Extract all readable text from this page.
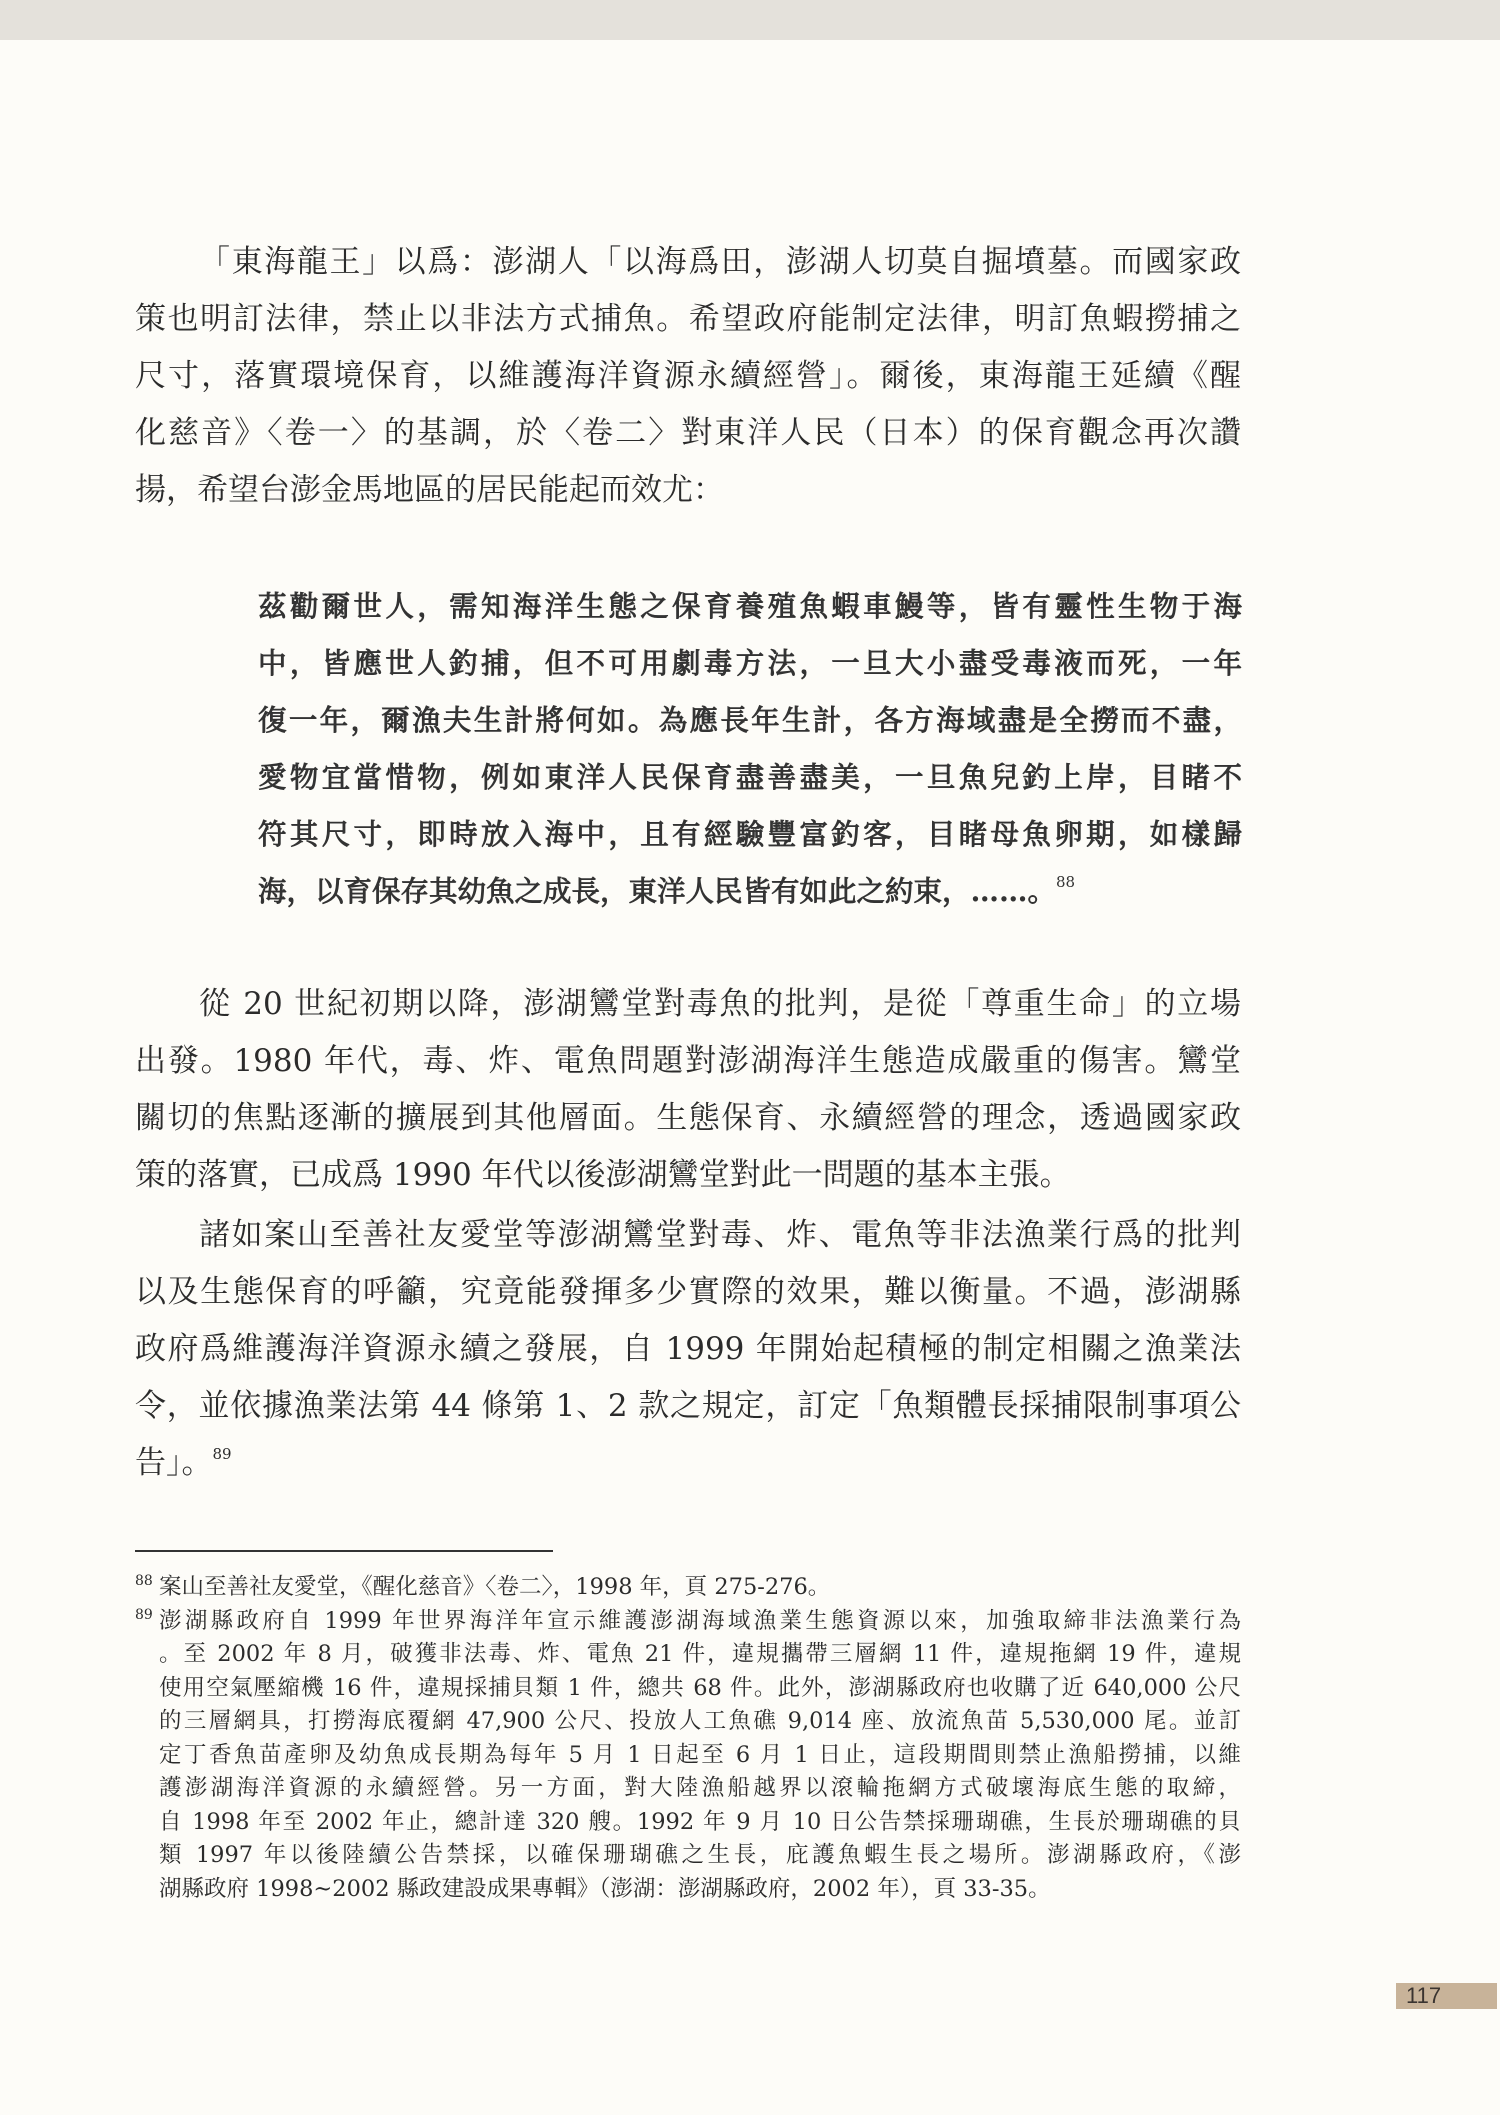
「東海龍王」以爲：澎湖人「以海爲田，澎湖人切莫自掘墳墓。而國家政
策也明訂法律，禁止以非法方式捕魚。希望政府能制定法律，明訂魚蝦撈捕之
尺寸，落實環境保育，以維護海洋資源永續經營」。爾後，東海龍王延續《醒
化慈音》〈卷一〉的基調，於〈卷二〉對東洋人民（日本）的保育觀念再次讚
揚，希望台澎金馬地區的居民能起而效尤：
茲勸爾世人，需知海洋生態之保育養殖魚蝦車鰻等，皆有靈性生物于海
中，皆應世人釣捕，但不可用劇毒方法，一旦大小盡受毒液而死，一年
復一年，爾漁夫生計將何如。為應長年生計，各方海域盡是全撈而不盡，
愛物宜當惜物，例如東洋人民保育盡善盡美，一旦魚兒釣上岸，目睹不
符其尺寸，即時放入海中，且有經驗豐富釣客，目睹母魚卵期，如樣歸
海，以育保存其幼魚之成長，東洋人民皆有如此之約束，……。$^{88}$
從 20 世紀初期以降，澎湖鸞堂對毒魚的批判，是從「尊重生命」的立場
出發。1980 年代，毒、炸、電魚問題對澎湖海洋生態造成嚴重的傷害。鸞堂
關切的焦點逐漸的擴展到其他層面。生態保育、永續經營的理念，透過國家政
策的落實，已成爲 1990 年代以後澎湖鸞堂對此一問題的基本主張。
諸如案山至善社友愛堂等澎湖鸞堂對毒、炸、電魚等非法漁業行爲的批判
以及生態保育的呼籲，究竟能發揮多少實際的效果，難以衡量。不過，澎湖縣
政府爲維護海洋資源永續之發展，自 1999 年開始起積極的制定相關之漁業法
令，並依據漁業法第 44 條第 1、2 款之規定，訂定「魚類體長採捕限制事項公
告」。$^{89}$
88 案山至善社友愛堂，《醒化慈音》〈卷二〉，1998 年，頁 275-276。
89 澎湖縣政府自 1999 年世界海洋年宣示維護澎湖海域漁業生態資源以來，加強取締非法漁業行為
。至 2002 年 8 月，破獲非法毒、炸、電魚 21 件，違規攜帶三層網 11 件，違規拖網 19 件，違規
使用空氣壓縮機 16 件，違規採捕貝類 1 件，總共 68 件。此外，澎湖縣政府也收購了近 640,000 公尺
的三層網具，打撈海底覆網 47,900 公尺、投放人工魚礁 9,014 座、放流魚苗 5,530,000 尾。並訂
定丁香魚苗產卵及幼魚成長期為每年 5 月 1 日起至 6 月 1 日止，這段期間則禁止漁船撈捕，以維
護澎湖海洋資源的永續經營。另一方面，對大陸漁船越界以滾輪拖網方式破壞海底生態的取締，
自 1998 年至 2002 年止，總計達 320 艘。1992 年 9 月 10 日公告禁採珊瑚礁，生長於珊瑚礁的貝
類 1997 年以後陸續公告禁採，以確保珊瑚礁之生長，庇護魚蝦生長之場所。澎湖縣政府，《澎
湖縣政府 1998~2002 縣政建設成果專輯》（澎湖：澎湖縣政府，2002 年），頁 33-35。
117
